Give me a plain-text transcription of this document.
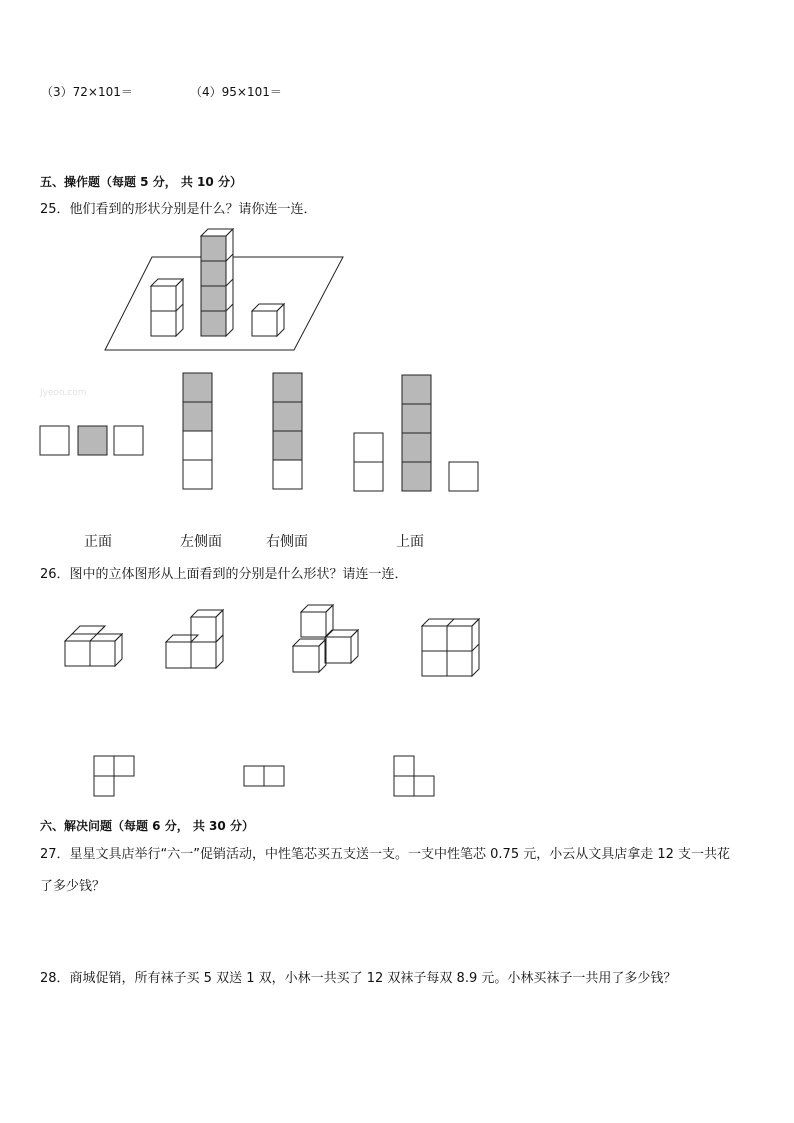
（3）72×101＝	（4）95×101＝
五、操作题（每题 5 分， 共 10 分）
25．他们看到的形状分别是什么？请你连一连．
Jyeoo.com
正面	左侧面	右侧面	上面
26．图中的立体图形从上面看到的分别是什么形状？请连一连．
六、解决问题（每题 6 分， 共 30 分）
27．星星文具店举行“六一”促销活动，中性笔芯买五支送一支。一支中性笔芯 0.75 元，小云从文具店拿走 12 支一共花
了多少钱？
28．商城促销，所有袜子买 5 双送 1 双，小林一共买了 12 双袜子每双 8.9 元。小林买袜子一共用了多少钱？
